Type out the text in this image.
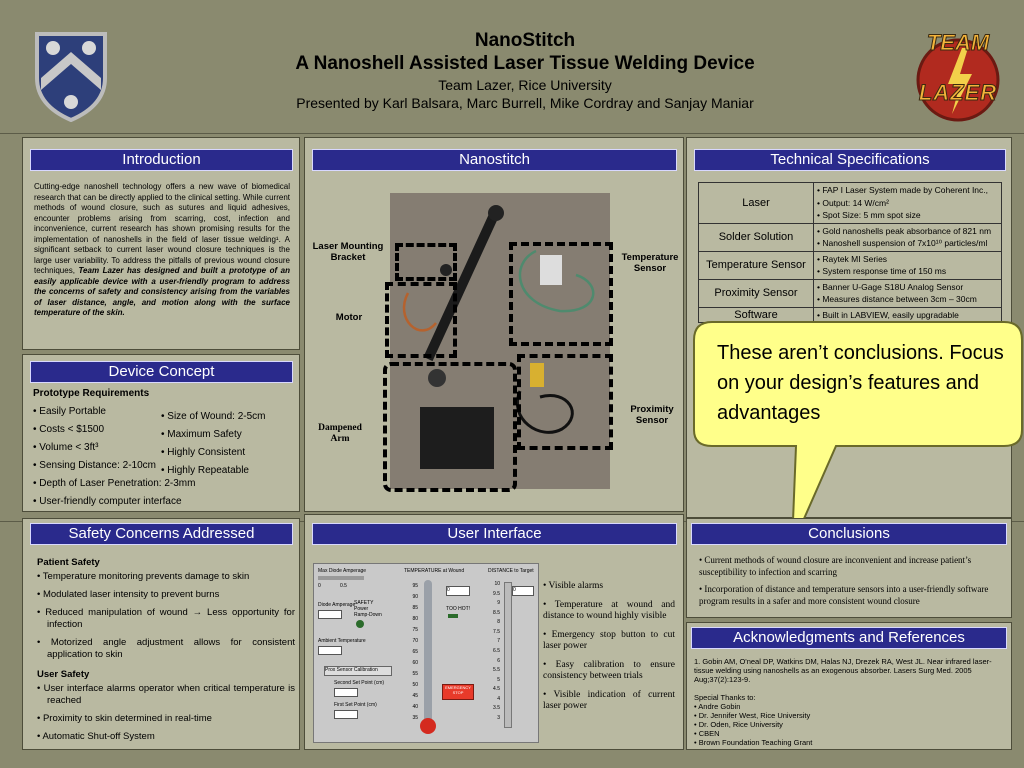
NanoStitch
A Nanoshell Assisted Laser Tissue Welding Device
Team Lazer, Rice University
Presented by Karl Balsara, Marc Burrell, Mike Cordray and Sanjay Maniar
TEAM
LAZER
Introduction
Cutting-edge nanoshell technology offers a new wave of biomedical research that can be directly applied to the clinical setting. While current methods of wound closure, such as sutures and liquid adhesives, encounter problems arising from scarring, cost, infection and inconvenience, current research has shown promising results for the implementation of nanoshells in the field of laser tissue welding¹. A significant setback to current laser wound closure techniques is the large user variability. To address the pitfalls of previous wound closure techniques, Team Lazer has designed and built a prototype of an easily applicable device with a user-friendly program to address the concerns of safety and consistency arising from the variables of laser distance, angle, and motion along with the surface temperature of the skin.
Nanostitch
Laser Mounting Bracket	Temperature Sensor
Motor
Proximity Sensor
Dampened Arm
Technical Specifications
Laser	• FAP I Laser System made by Coherent Inc.,
• Output: 14 W/cm²
• Spot Size: 5 mm spot size

Solder Solution	• Gold nanoshells peak absorbance of 821 nm
• Nanoshell suspension of 7x10¹⁰ particles/ml

Temperature Sensor	• Raytek MI Series
• System response time of 150 ms

Proximity Sensor	• Banner U-Gage S18U Analog Sensor
• Measures distance between 3cm – 30cm

Software	• Built in LABVIEW, easily upgradable
These aren’t conclusions. Focus on your design’s features and advantages
Device Concept
Prototype Requirements
• Easily Portable
• Costs < $1500
• Volume < 3ft³
• Sensing Distance: 2-10cm
• Depth of Laser Penetration: 2-3mm
• User-friendly computer interface
• Size of Wound: 2-5cm
• Maximum Safety
• Highly Consistent
• Highly Repeatable
Safety Concerns Addressed
Patient Safety
• Temperature monitoring prevents damage to skin
• Modulated laser intensity to prevent burns
• Reduced manipulation of wound → Less opportunity for infection
• Motorized angle adjustment allows for consistent application to skin
User Safety
• User interface alarms operator when critical temperature is reached
• Proximity to skin determined in real-time
• Automatic Shut-off System
User Interface
Max Diode Amperage
0	0.5
TEMPERATURE at Wound	DISTANCE to Target
Diode Amperage
SAFETY Power Ramp-Down
Ambient Temperature
Prox Sensor Calibration
Second Set Point (cm)
First Set Point (cm)
95
90
85
80
75
70
65
60
55
50
45
40
35
0
TOO HOT!
EMERGENCY STOP
10
9.5
9
8.5
8
7.5
7
6.5
6
5.5
5
4.5
4
3.5
3
0	• Visible alarms
• Temperature at wound and distance to wound highly visible
• Emergency stop button to cut laser power
• Easy calibration to ensure consistency between trials
• Visible indication of current laser power
Conclusions
• Current methods of wound closure are inconvenient and increase patient’s susceptibility to infection and scarring
• Incorporation of distance and temperature sensors into a user-friendly software program results in a safer and more consistent wound closure
Acknowledgments and References
1. Gobin AM, O'neal DP, Watkins DM, Halas NJ, Drezek RA, West JL. Near infrared laser-tissue welding using nanoshells as an exogenous absorber. Lasers Surg Med. 2005 Aug;37(2):123-9.
Special Thanks to:
• Andre Gobin
• Dr. Jennifer West, Rice University
• Dr. Oden, Rice University
• CBEN
• Brown Foundation Teaching Grant
